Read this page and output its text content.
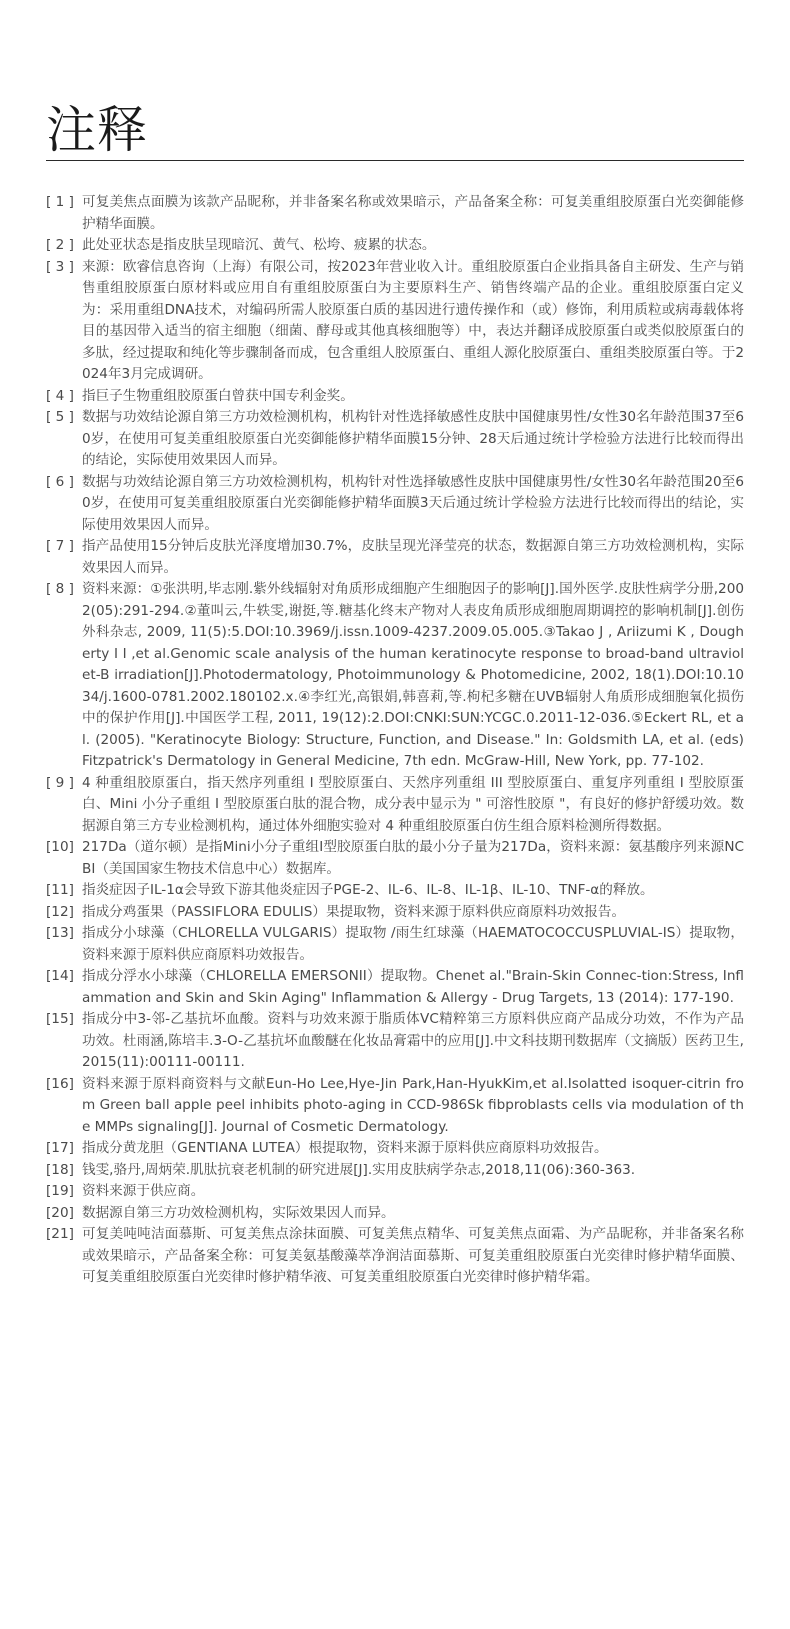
注释
[ 1 ] 可复美焦点面膜为该款产品昵称，并非备案名称或效果暗示，产品备案全称：可复美重组胶原蛋白光奕御能修护精华面膜。
[ 2 ] 此处亚状态是指皮肤呈现暗沉、黄气、松垮、疲累的状态。
[ 3 ] 来源：欧睿信息咨询（上海）有限公司，按2023年营业收入计。重组胶原蛋白企业指具备自主研发、生产与销售重组胶原蛋白原材料或应用自有重组胶原蛋白为主要原料生产、销售终端产品的企业。重组胶原蛋白定义为：采用重组DNA技术，对编码所需人胶原蛋白质的基因进行遗传操作和（或）修饰，利用质粒或病毒载体将目的基因带入适当的宿主细胞（细菌、酵母或其他真核细胞等）中，表达并翻译成胶原蛋白或类似胶原蛋白的多肽，经过提取和纯化等步骤制备而成，包含重组人胶原蛋白、重组人源化胶原蛋白、重组类胶原蛋白等。于2024年3月完成调研。
[ 4 ] 指巨子生物重组胶原蛋白曾获中国专利金奖。
[ 5 ] 数据与功效结论源自第三方功效检测机构，机构针对性选择敏感性皮肤中国健康男性/女性30名年龄范围37至60岁，在使用可复美重组胶原蛋白光奕御能修护精华面膜15分钟、28天后通过统计学检验方法进行比较而得出的结论，实际使用效果因人而异。
[ 6 ] 数据与功效结论源自第三方功效检测机构，机构针对性选择敏感性皮肤中国健康男性/女性30名年龄范围20至60岁，在使用可复美重组胶原蛋白光奕御能修护精华面膜3天后通过统计学检验方法进行比较而得出的结论，实际使用效果因人而异。
[ 7 ] 指产品使用15分钟后皮肤光泽度增加30.7%，皮肤呈现光泽莹亮的状态，数据源自第三方功效检测机构，实际效果因人而异。
[ 8 ] 资料来源：①张洪明,毕志刚.紫外线辐射对角质形成细胞产生细胞因子的影响[J].国外医学.皮肤性病学分册,2002(05):291-294.②董叫云,牛轶雯,谢挺,等.糖基化终末产物对人表皮角质形成细胞周期调控的影响机制[J].创伤外科杂志, 2009, 11(5):5.DOI:10.3969/j.issn.1009-4237.2009.05.005.③Takao J , Ariizumi K , Dougherty I I ,et al.Genomic scale analysis of the human keratinocyte response to broad-band ultraviolet-B irradiation[J].Photodermatology, Photoimmunology & Photomedicine, 2002, 18(1).DOI:10.1034/j.1600-0781.2002.180102.x.④李红光,高银娟,韩喜莉,等.枸杞多糖在UVB辐射人角质形成细胞氧化损伤中的保护作用[J].中国医学工程, 2011, 19(12):2.DOI:CNKI:SUN:YCGC.0.2011-12-036.⑤Eckert RL, et al. (2005). "Keratinocyte Biology: Structure, Function, and Disease." In: Goldsmith LA, et al. (eds) Fitzpatrick's Dermatology in General Medicine, 7th edn. McGraw-Hill, New York, pp. 77-102.
[ 9 ] 4 种重组胶原蛋白，指天然序列重组 I 型胶原蛋白、天然序列重组 III 型胶原蛋白、重复序列重组 I 型胶原蛋白、Mini 小分子重组 I 型胶原蛋白肽的混合物，成分表中显示为 " 可溶性胶原 "，有良好的修护舒缓功效。数据源自第三方专业检测机构，通过体外细胞实验对 4 种重组胶原蛋白仿生组合原料检测所得数据。
[10] 217Da（道尔顿）是指Mini小分子重组I型胶原蛋白肽的最小分子量为217Da，资料来源：氨基酸序列来源NCBI（美国国家生物技术信息中心）数据库。
[11] 指炎症因子IL-1α会导致下游其他炎症因子PGE-2、IL-6、IL-8、IL-1β、IL-10、TNF-α的释放。
[12] 指成分鸡蛋果（PASSIFLORA EDULIS）果提取物，资料来源于原料供应商原料功效报告。
[13] 指成分小球藻（CHLORELLA VULGARIS）提取物 /雨生红球藻（HAEMATOCOCCUSPLUVIAL-IS）提取物，资料来源于原料供应商原料功效报告。
[14] 指成分浮水小球藻（CHLORELLA EMERSONII）提取物。Chenet al."Brain-Skin Connec-tion:Stress, Inflammation and Skin and Skin Aging" Inflammation & Allergy - Drug Targets, 13 (2014): 177-190.
[15] 指成分中3-邻-乙基抗坏血酸。资料与功效来源于脂质体VC精粹第三方原料供应商产品成分功效，不作为产品功效。杜雨涵,陈培丰.3-O-乙基抗坏血酸醚在化妆品膏霜中的应用[J].中文科技期刊数据库（文摘版）医药卫生, 2015(11):00111-00111.
[16] 资料来源于原料商资料与文献Eun-Ho Lee,Hye-Jin Park,Han-HyukKim,et al.Isolatted isoquer-citrin from Green ball apple peel inhibits photo-aging in CCD-986Sk fibproblasts cells via modulation of the MMPs signaling[J]. Journal of Cosmetic Dermatology.
[17] 指成分黄龙胆（GENTIANA LUTEA）根提取物，资料来源于原料供应商原料功效报告。
[18] 钱雯,骆丹,周炳荣.肌肽抗衰老机制的研究进展[J].实用皮肤病学杂志,2018,11(06):360-363.
[19] 资料来源于供应商。
[20] 数据源自第三方功效检测机构，实际效果因人而异。
[21] 可复美吨吨洁面慕斯、可复美焦点涂抹面膜、可复美焦点精华、可复美焦点面霜、为产品昵称，并非备案名称或效果暗示，产品备案全称：可复美氨基酸藻萃净润洁面慕斯、可复美重组胶原蛋白光奕律时修护精华面膜、可复美重组胶原蛋白光奕律时修护精华液、可复美重组胶原蛋白光奕律时修护精华霜。
